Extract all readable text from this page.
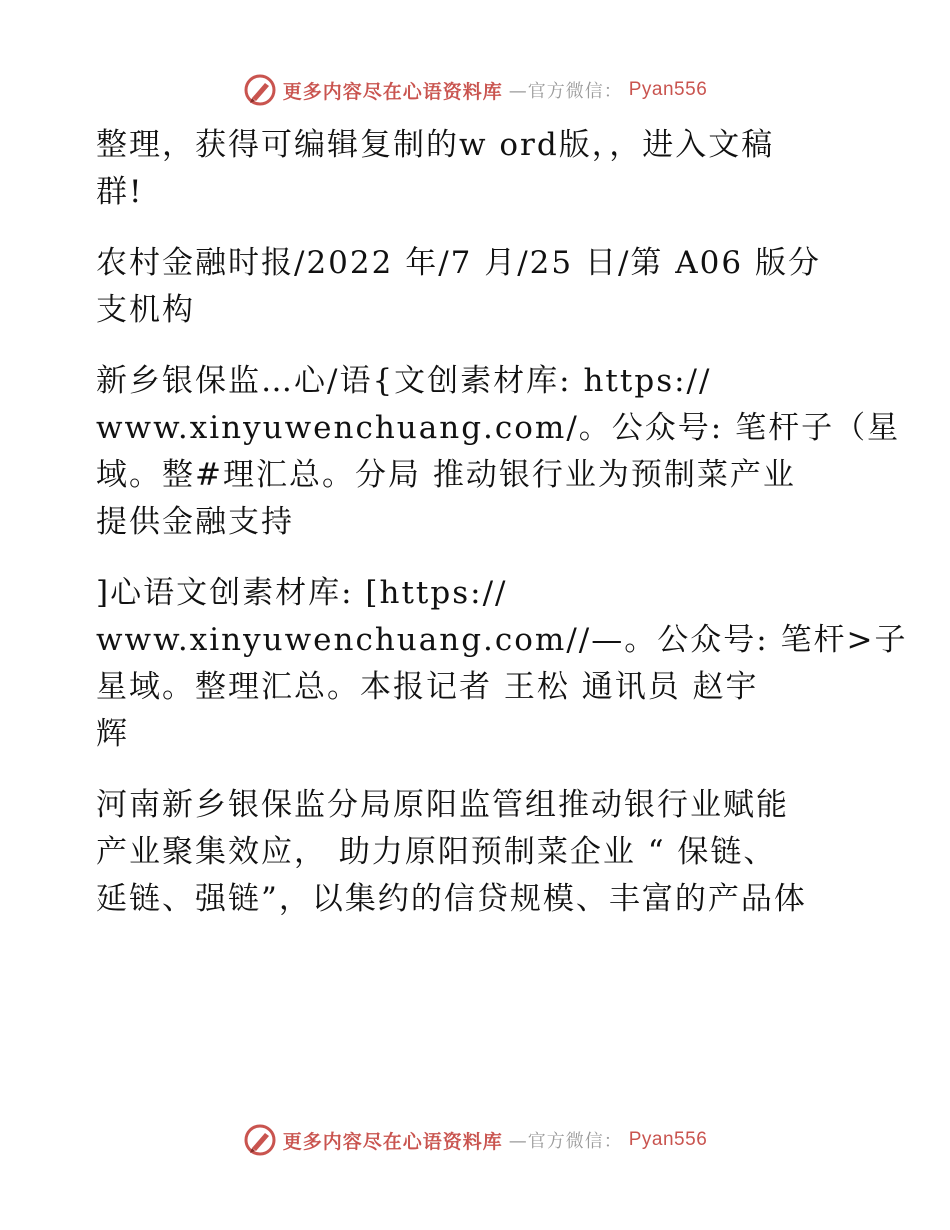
更多内容尽在心语资料库 —官方微信： Pyan556

整理，获得可编辑复制的w ord版，，进入文稿
群!

农村金融时报/2022 年/7 月/25 日/第 A06 版分
支机构

新乡银保监…心/语{文创素材库: https://
www.xinyuwenchuang.com/。公众号: 笔杆子（星
域。整#理汇总。分局 推动银行业为预制菜产业
提供金融支持

]心语文创素材库: [https://
www.xinyuwenchuang.com//—。公众号: 笔杆>子
星域。整理汇总。本报记者 王松 通讯员 赵宇
辉

河南新乡银保监分局原阳监管组推动银行业赋能
产业聚集效应， 助力原阳预制菜企业 “ 保链、
延链、强链”，以集约的信贷规模、丰富的产品体

更多内容尽在心语资料库 —官方微信： Pyan556
